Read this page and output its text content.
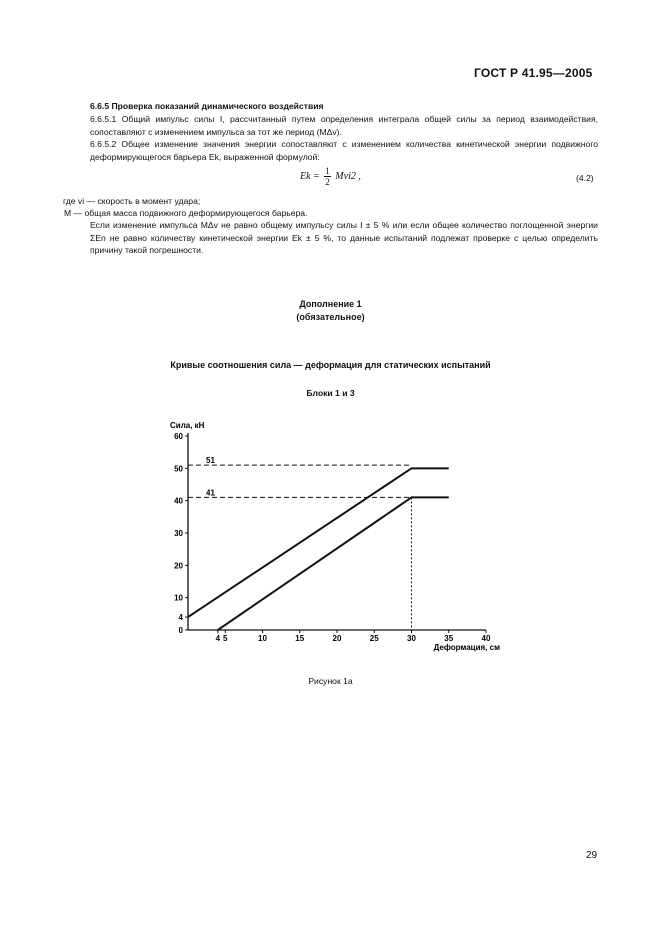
ГОСТ Р 41.95—2005
6.6.5 Проверка показаний динамического воздействия
6.6.5.1 Общий импульс силы I, рассчитанный путем определения интеграла общей силы за период взаимодействия, сопоставляют с изменением импульса за тот же период (MΔv).
6.6.5.2 Общее изменение значения энергии сопоставляют с изменением количества кинетической энергии подвижного деформирующегося барьера Ek, выраженной формулой:
$Ek = \frac{1}{2} Mvi2$ ,	(4.2)
где vi — скорость в момент удара;
M — общая масса подвижного деформирующегося барьера.
Если изменение импульса MΔv не равно общему импульсу силы I ± 5 % или если общее количество поглощенной энергии ΣEn не равно количеству кинетической энергии Ek ± 5 %, то данные испытаний подлежат проверке с целью определить причину такой погрешности.
Дополнение 1
(обязательное)
Кривые соотношения сила — деформация для статических испытаний
Блоки 1 и 3
51
41
0
4
10
20
30
40
50
60
4 5	10	15	20	25	30	35	40
Сила, кН
Деформация, см
Рисунок 1a
29
